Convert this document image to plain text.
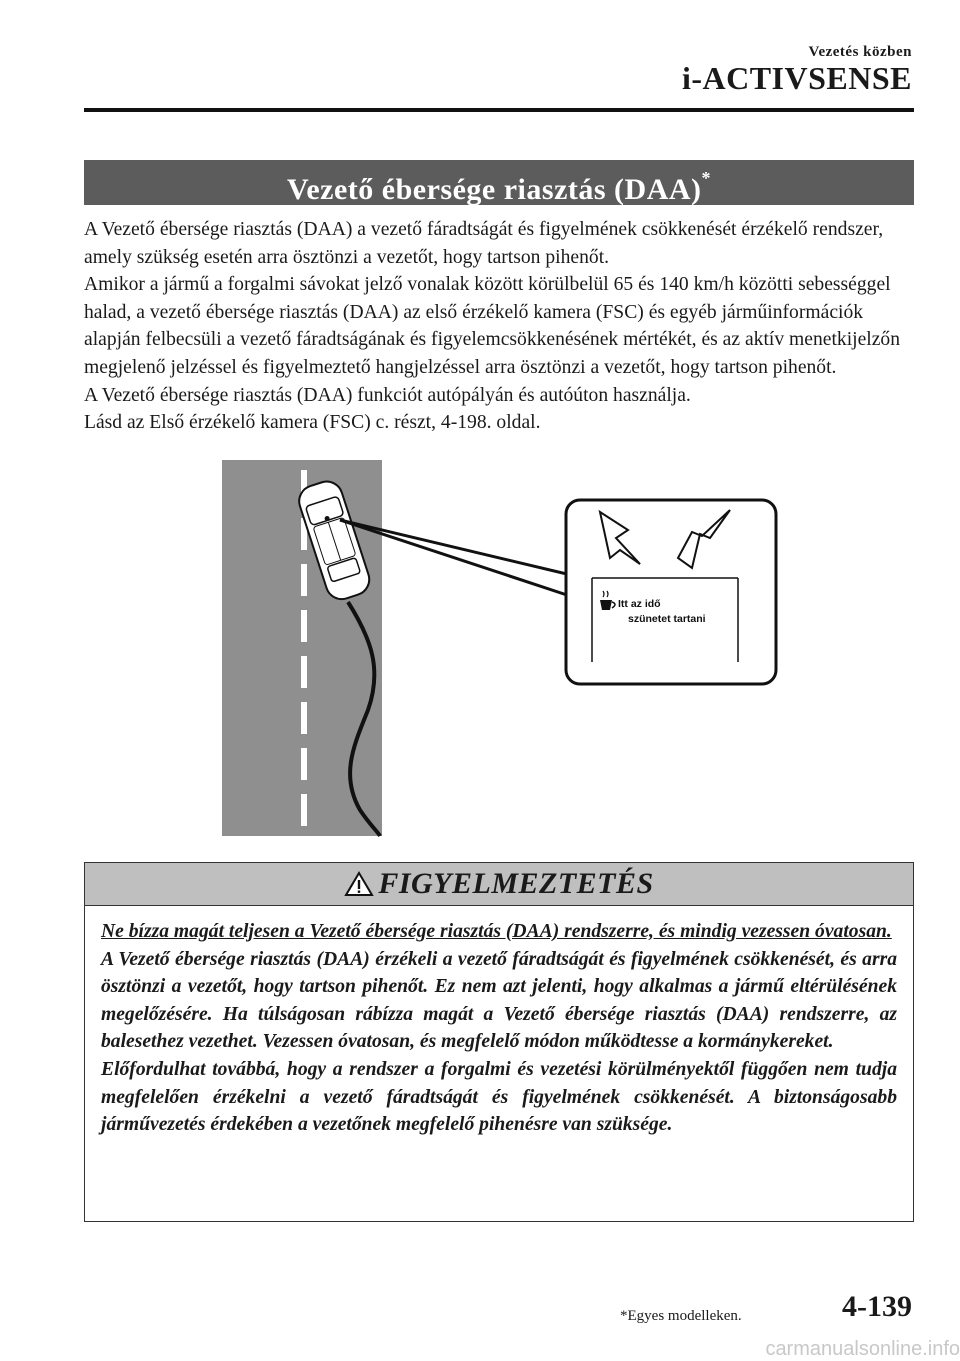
Vezetés közben
i-ACTIVSENSE
Vezető ébersége riasztás (DAA)*

A Vezető ébersége riasztás (DAA) a vezető fáradtságát és figyelmének csökkenését érzékelő rendszer, amely szükség esetén arra ösztönzi a vezetőt, hogy tartson pihenőt.

Amikor a jármű a forgalmi sávokat jelző vonalak között körülbelül 65 és 140 km/h közötti sebességgel halad, a vezető ébersége riasztás (DAA) az első érzékelő kamera (FSC) és egyéb járműinformációk alapján felbecsüli a vezető fáradtságának és figyelemcsökkenésének mértékét, és az aktív menetkijelzőn megjelenő jelzéssel és figyelmeztető hangjelzéssel arra ösztönzi a vezetőt, hogy tartson pihenőt.

A Vezető ébersége riasztás (DAA) funkciót autópályán és autóúton használja.

Lásd az Első érzékelő kamera (FSC) c. részt, 4-198. oldal.

Itt az idő
szünetet tartani
FIGYELMEZTETÉS

Ne bízza magát teljesen a Vezető ébersége riasztás (DAA) rendszerre, és mindig vezessen óvatosan.

A Vezető ébersége riasztás (DAA) érzékeli a vezető fáradtságát és figyelmének csökkenését, és arra ösztönzi a vezetőt, hogy tartson pihenőt. Ez nem azt jelenti, hogy alkalmas a jármű eltérülésének megelőzésére. Ha túlságosan rábízza magát a Vezető ébersége riasztás (DAA) rendszerre, az balesethez vezethet. Vezessen óvatosan, és megfelelő módon működtesse a kormánykereket.

Előfordulhat továbbá, hogy a rendszer a forgalmi és vezetési körülményektől függően nem tudja megfelelően érzékelni a vezető fáradtságát és figyelmének csökkenését. A biztonságosabb járművezetés érdekében a vezetőnek megfelelő pihenésre van szüksége.

*Egyes modelleken.	4-139
carmanualsonline.info
